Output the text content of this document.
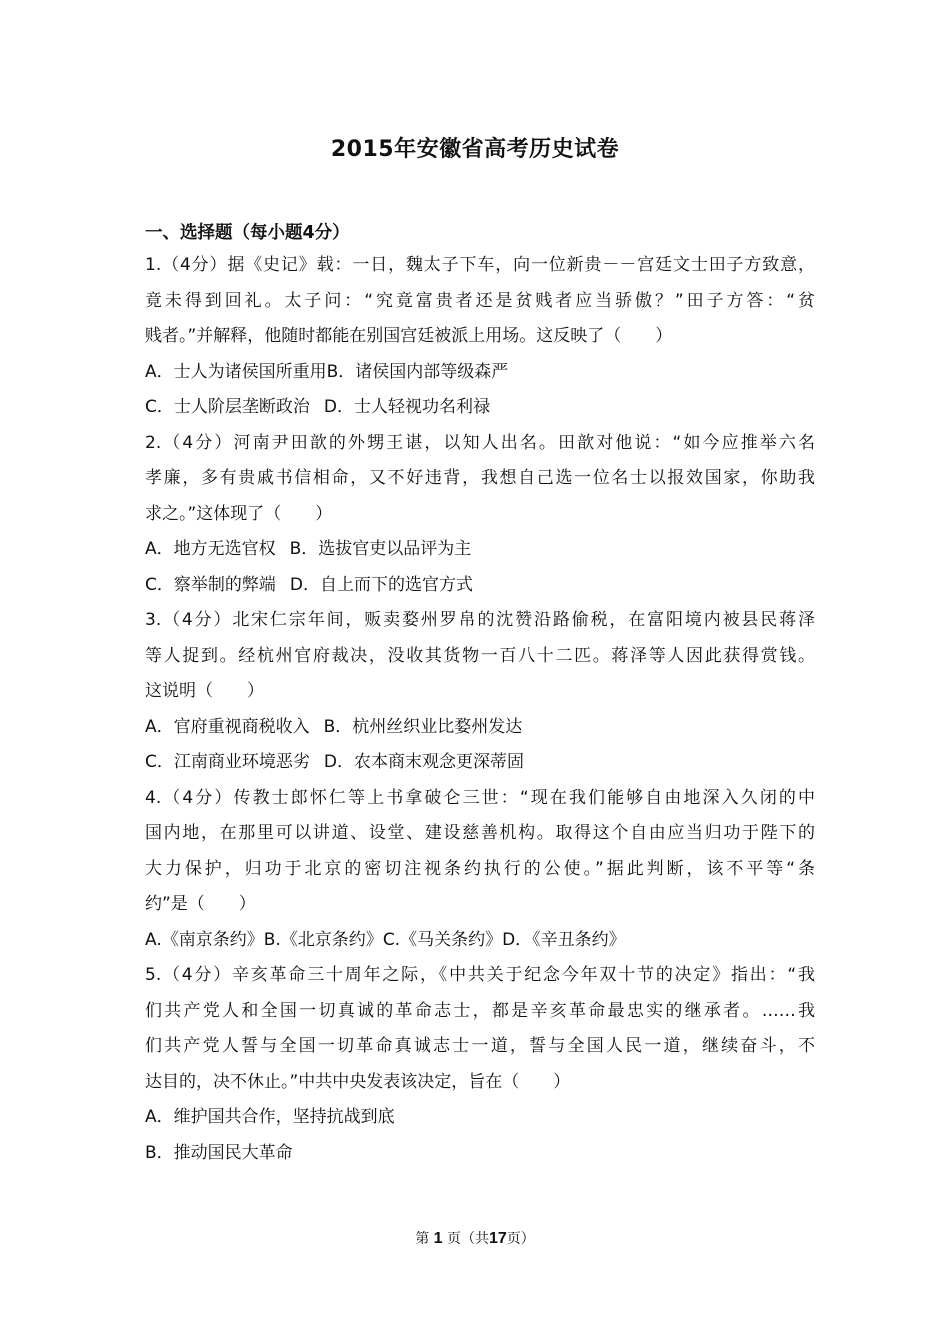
2015年安徽省高考历史试卷
一、选择题（每小题4分）
1.（4分）据《史记》载：一日，魏太子下车，向一位新贵－－宫廷文士田子方致意，
竟未得到回礼。太子问：“究竟富贵者还是贫贱者应当骄傲？”田子方答：“贫
贱者。”并解释，他随时都能在别国宫廷被派上用场。这反映了（　　）
A．士人为诸侯国所重用B．诸侯国内部等级森严
C．士人阶层垄断政治 D．士人轻视功名利禄
2.（4分）河南尹田歆的外甥王谌，以知人出名。田歆对他说：“如今应推举六名
孝廉，多有贵戚书信相命，又不好违背，我想自己选一位名士以报效国家，你助我
求之。”这体现了（　　）
A．地方无选官权 B．选拔官吏以品评为主
C．察举制的弊端 D．自上而下的选官方式
3.（4分）北宋仁宗年间，贩卖婺州罗帛的沈赞沿路偷税，在富阳境内被县民蒋泽
等人捉到。经杭州官府裁决，没收其货物一百八十二匹。蒋泽等人因此获得赏钱。
这说明（　　）
A．官府重视商税收入 B．杭州丝织业比婺州发达
C．江南商业环境恶劣 D．农本商末观念更深蒂固
4.（4分）传教士郎怀仁等上书拿破仑三世：“现在我们能够自由地深入久闭的中
国内地，在那里可以讲道、设堂、建设慈善机构。取得这个自由应当归功于陛下的
大力保护，归功于北京的密切注视条约执行的公使。”据此判断，该不平等“条
约”是（　　）
A.《南京条约》B.《北京条约》C.《马关条约》D．《辛丑条约》
5.（4分）辛亥革命三十周年之际，《中共关于纪念今年双十节的决定》指出：“我
们共产党人和全国一切真诚的革命志士，都是辛亥革命最忠实的继承者。……我
们共产党人誓与全国一切革命真诚志士一道，誓与全国人民一道，继续奋斗，不
达目的，决不休止。”中共中央发表该决定，旨在（　　）
A．维护国共合作，坚持抗战到底
B．推动国民大革命
第 1 页（共17页）
